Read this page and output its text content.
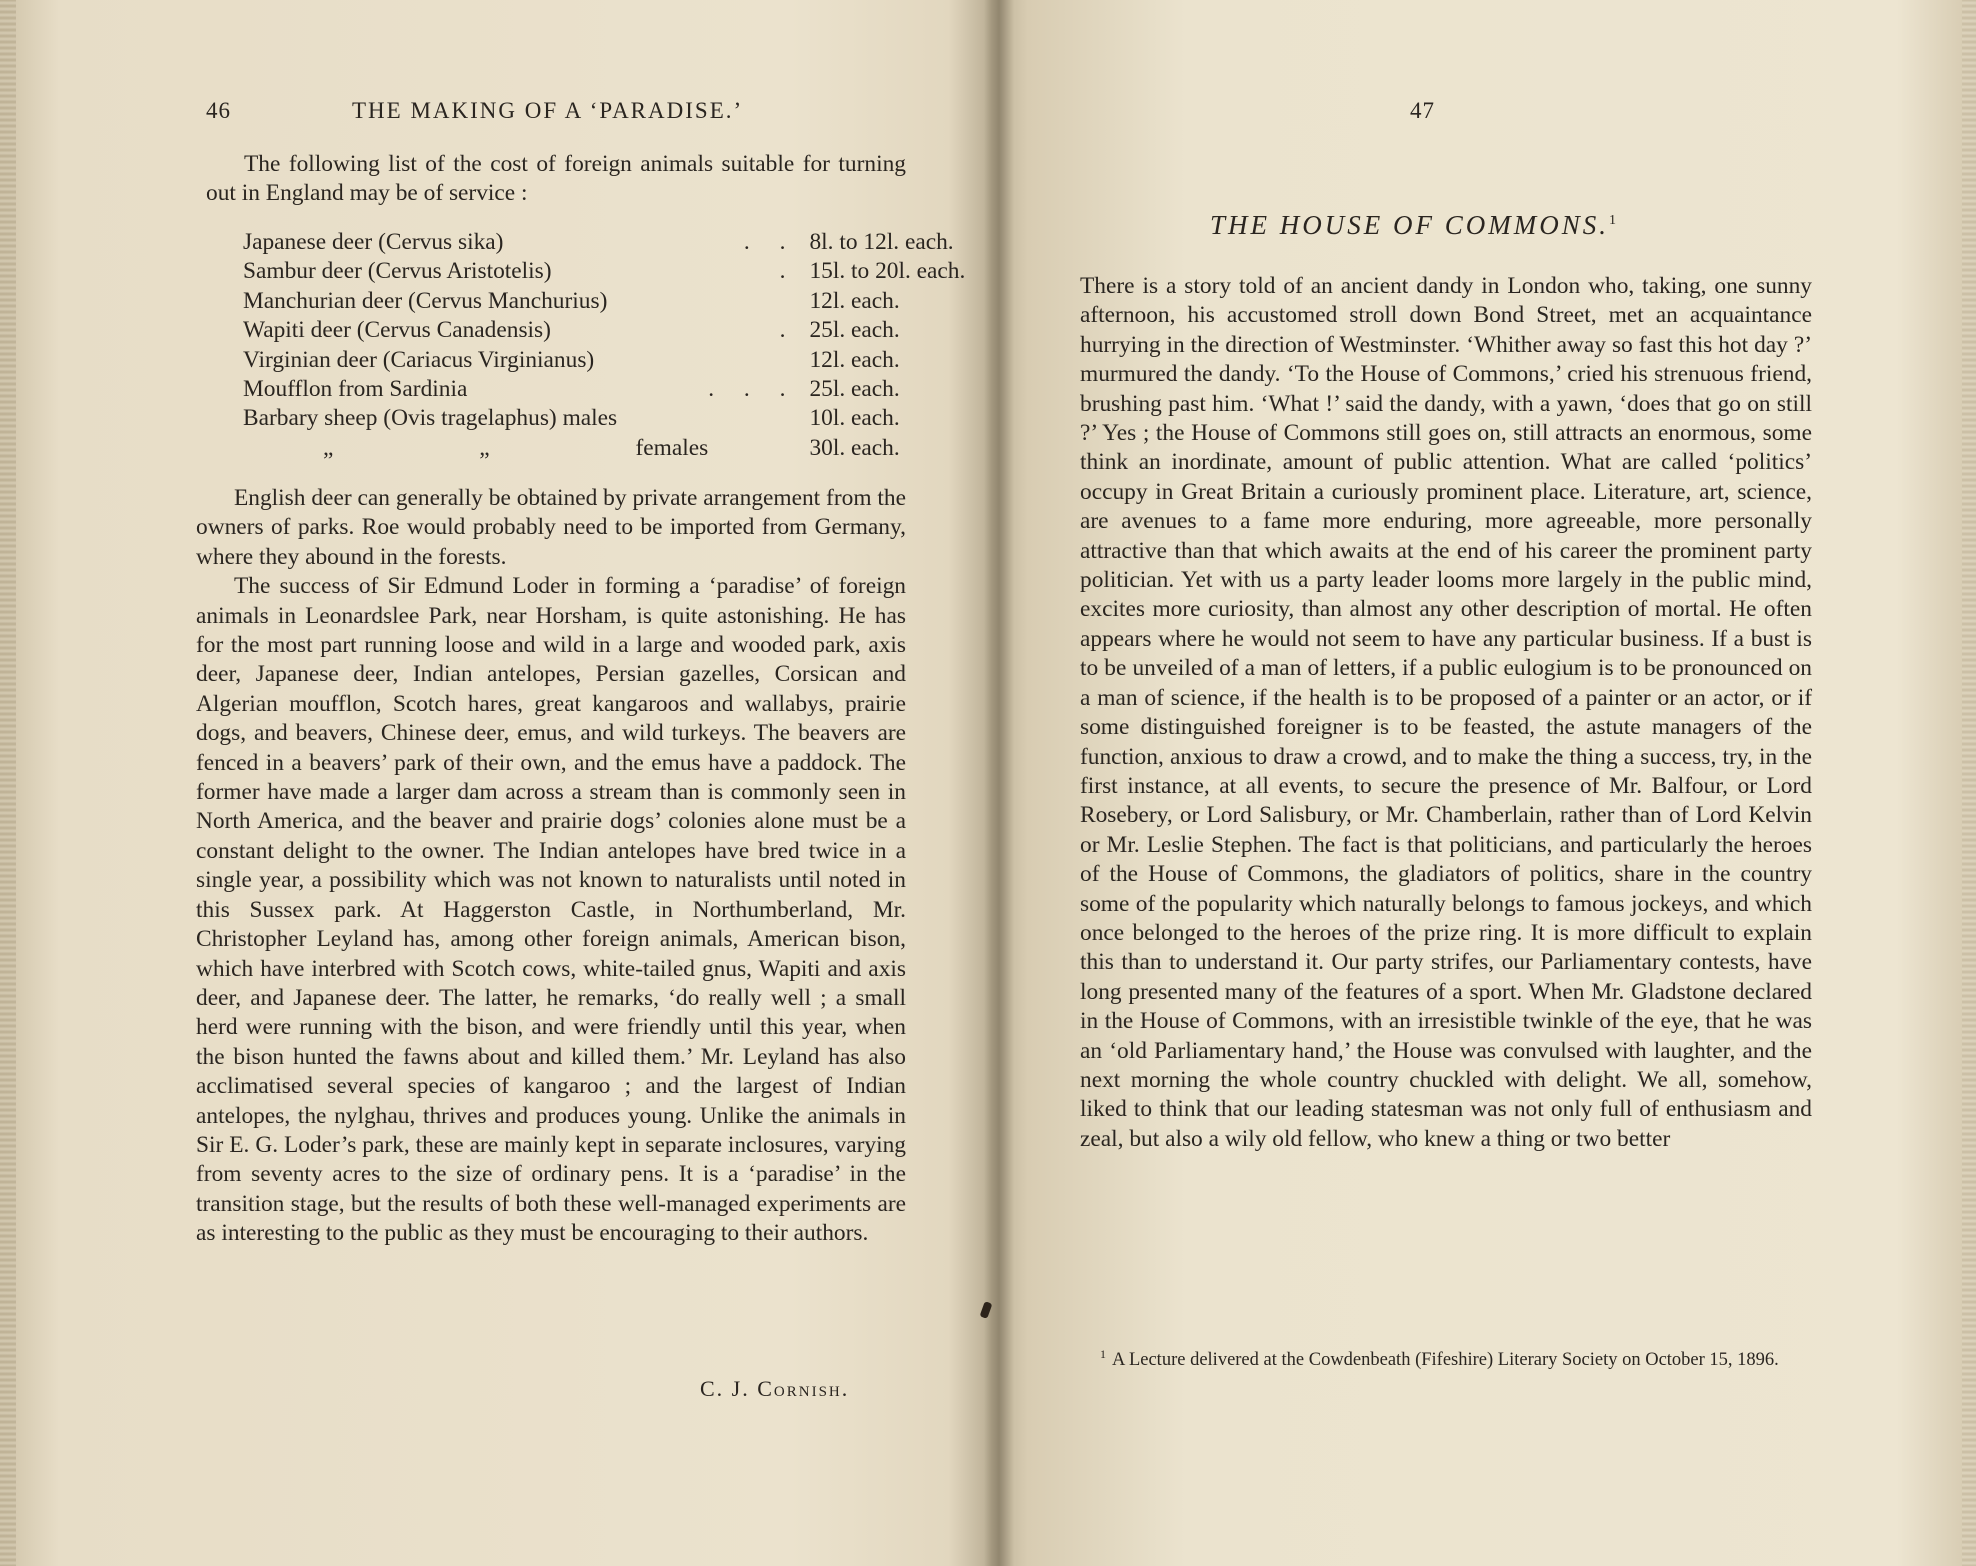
46	THE MAKING OF A ‘PARADISE.’
The following list of the cost of foreign animals suitable for turning out in England may be of service :
Japanese deer (Cervus sika)	. .	8l. to 12l. each.
Sambur deer (Cervus Aristotelis)	.	15l. to 20l. each.
Manchurian deer (Cervus Manchurius)		12l. each.
Wapiti deer (Cervus Canadensis)	.	25l. each.
Virginian deer (Cariacus Virginianus)		12l. each.
Moufflon from Sardinia	. . .	25l. each.
Barbary sheep (Ovis tragelaphus) males		10l. each.
„ „ females		30l. each.

English deer can generally be obtained by private arrangement from the owners of parks. Roe would probably need to be imported from Germany, where they abound in the forests.

The success of Sir Edmund Loder in forming a ‘paradise’ of foreign animals in Leonardslee Park, near Horsham, is quite astonishing. He has for the most part running loose and wild in a large and wooded park, axis deer, Japanese deer, Indian antelopes, Persian gazelles, Corsican and Algerian moufflon, Scotch hares, great kangaroos and wallabys, prairie dogs, and beavers, Chinese deer, emus, and wild turkeys. The beavers are fenced in a beavers’ park of their own, and the emus have a paddock. The former have made a larger dam across a stream than is commonly seen in North America, and the beaver and prairie dogs’ colonies alone must be a constant delight to the owner. The Indian antelopes have bred twice in a single year, a possibility which was not known to naturalists until noted in this Sussex park. At Haggerston Castle, in Northumberland, Mr. Christopher Leyland has, among other foreign animals, American bison, which have interbred with Scotch cows, white-tailed gnus, Wapiti and axis deer, and Japanese deer. The latter, he remarks, ‘do really well ; a small herd were running with the bison, and were friendly until this year, when the bison hunted the fawns about and killed them.’ Mr. Leyland has also acclimatised several species of kangaroo ; and the largest of Indian antelopes, the nylghau, thrives and produces young. Unlike the animals in Sir E. G. Loder’s park, these are mainly kept in separate inclosures, varying from seventy acres to the size of ordinary pens. It is a ‘paradise’ in the transition stage, but the results of both these well-managed experiments are as interesting to the public as they must be encouraging to their authors.

C. J. Cornish.
47
THE HOUSE OF COMMONS.$^1$
There is a story told of an ancient dandy in London who, taking, one sunny afternoon, his accustomed stroll down Bond Street, met an acquaintance hurrying in the direction of Westminster. ‘Whither away so fast this hot day ?’ murmured the dandy. ‘To the House of Commons,’ cried his strenuous friend, brushing past him. ‘What !’ said the dandy, with a yawn, ‘does that go on still ?’ Yes ; the House of Commons still goes on, still attracts an enormous, some think an inordinate, amount of public attention. What are called ‘politics’ occupy in Great Britain a curiously prominent place. Literature, art, science, are avenues to a fame more enduring, more agreeable, more personally attractive than that which awaits at the end of his career the prominent party politician. Yet with us a party leader looms more largely in the public mind, excites more curiosity, than almost any other description of mortal. He often appears where he would not seem to have any particular business. If a bust is to be unveiled of a man of letters, if a public eulogium is to be pronounced on a man of science, if the health is to be proposed of a painter or an actor, or if some distinguished foreigner is to be feasted, the astute managers of the function, anxious to draw a crowd, and to make the thing a success, try, in the first instance, at all events, to secure the presence of Mr. Balfour, or Lord Rosebery, or Lord Salisbury, or Mr. Chamberlain, rather than of Lord Kelvin or Mr. Leslie Stephen. The fact is that politicians, and particularly the heroes of the House of Commons, the gladiators of politics, share in the country some of the popularity which naturally belongs to famous jockeys, and which once belonged to the heroes of the prize ring. It is more difficult to explain this than to understand it. Our party strifes, our Parliamentary contests, have long presented many of the features of a sport. When Mr. Gladstone declared in the House of Commons, with an irresistible twinkle of the eye, that he was an ‘old Parliamentary hand,’ the House was convulsed with laughter, and the next morning the whole country chuckled with delight. We all, somehow, liked to think that our leading statesman was not only full of enthusiasm and zeal, but also a wily old fellow, who knew a thing or two better
$^1$ A Lecture delivered at the Cowdenbeath (Fifeshire) Literary Society on October 15, 1896.
